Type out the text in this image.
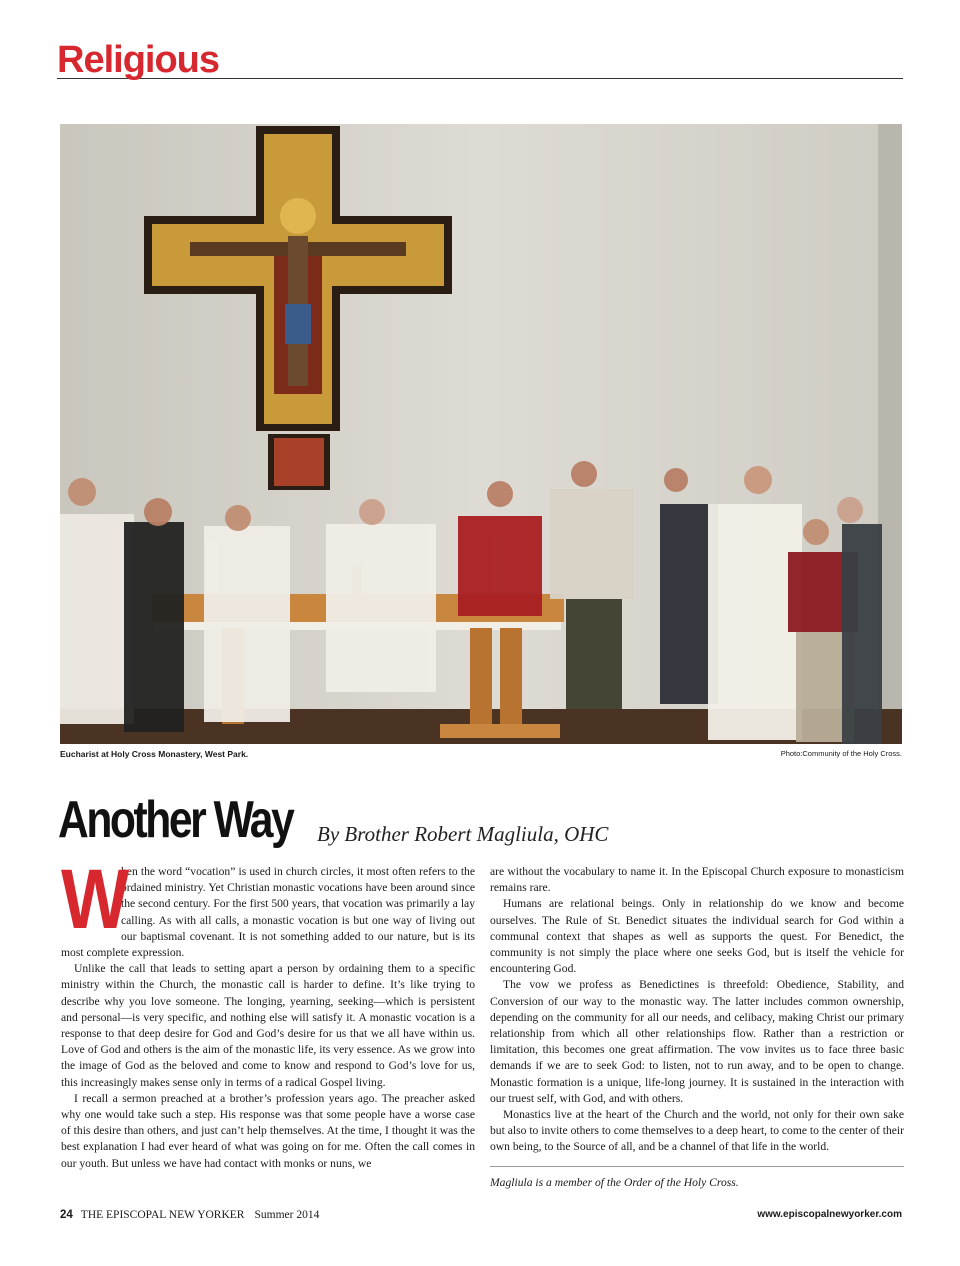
Religious
Eucharist at Holy Cross Monastery, West Park.	Photo:Community of the Holy Cross.
Another Way By Brother Robert Magliula, OHC

W
hen the word “vocation” is used in church circles, it most often refers to the ordained ministry. Yet Christian monastic vocations have been around since the second century. For the first 500 years, that vocation was primarily a lay calling. As with all calls, a monastic vocation is but one way of living out our baptismal covenant. It is not something added to our nature, but is its most complete expression.

Unlike the call that leads to setting apart a person by ordaining them to a specific ministry within the Church, the monastic call is harder to define. It’s like trying to describe why you love someone. The longing, yearning, seeking—which is persistent and personal—is very specific, and nothing else will satisfy it. A monastic vocation is a response to that deep desire for God and God’s desire for us that we all have within us. Love of God and others is the aim of the monastic life, its very essence. As we grow into the image of God as the beloved and come to know and respond to God’s love for us, this increasingly makes sense only in terms of a radical Gospel living.

I recall a sermon preached at a brother’s profession years ago. The preacher asked why one would take such a step. His response was that some people have a worse case of this desire than others, and just can’t help themselves. At the time, I thought it was the best explanation I had ever heard of what was going on for me. Often the call comes in our youth. But unless we have had contact with monks or nuns, we

are without the vocabulary to name it. In the Episcopal Church exposure to monasticism remains rare.

Humans are relational beings. Only in relationship do we know and become ourselves. The Rule of St. Benedict situates the individual search for God within a communal context that shapes as well as supports the quest. For Benedict, the community is not simply the place where one seeks God, but is itself the vehicle for encountering God.

The vow we profess as Benedictines is threefold: Obedience, Stability, and Conversion of our way to the monastic way. The latter includes common ownership, depending on the community for all our needs, and celibacy, making Christ our primary relationship from which all other relationships flow. Rather than a restriction or limitation, this becomes one great affirmation. The vow invites us to face three basic demands if we are to seek God: to listen, not to run away, and to be open to change. Monastic formation is a unique, life-long journey. It is sustained in the interaction with our truest self, with God, and with others.

Monastics live at the heart of the Church and the world, not only for their own sake but also to invite others to come themselves to a deep heart, to come to the center of their own being, to the Source of all, and be a channel of that life in the world.

Magliula is a member of the Order of the Holy Cross.

24 THE EPISCOPAL NEW YORKER Summer 2014	www.episcopalnewyorker.com
